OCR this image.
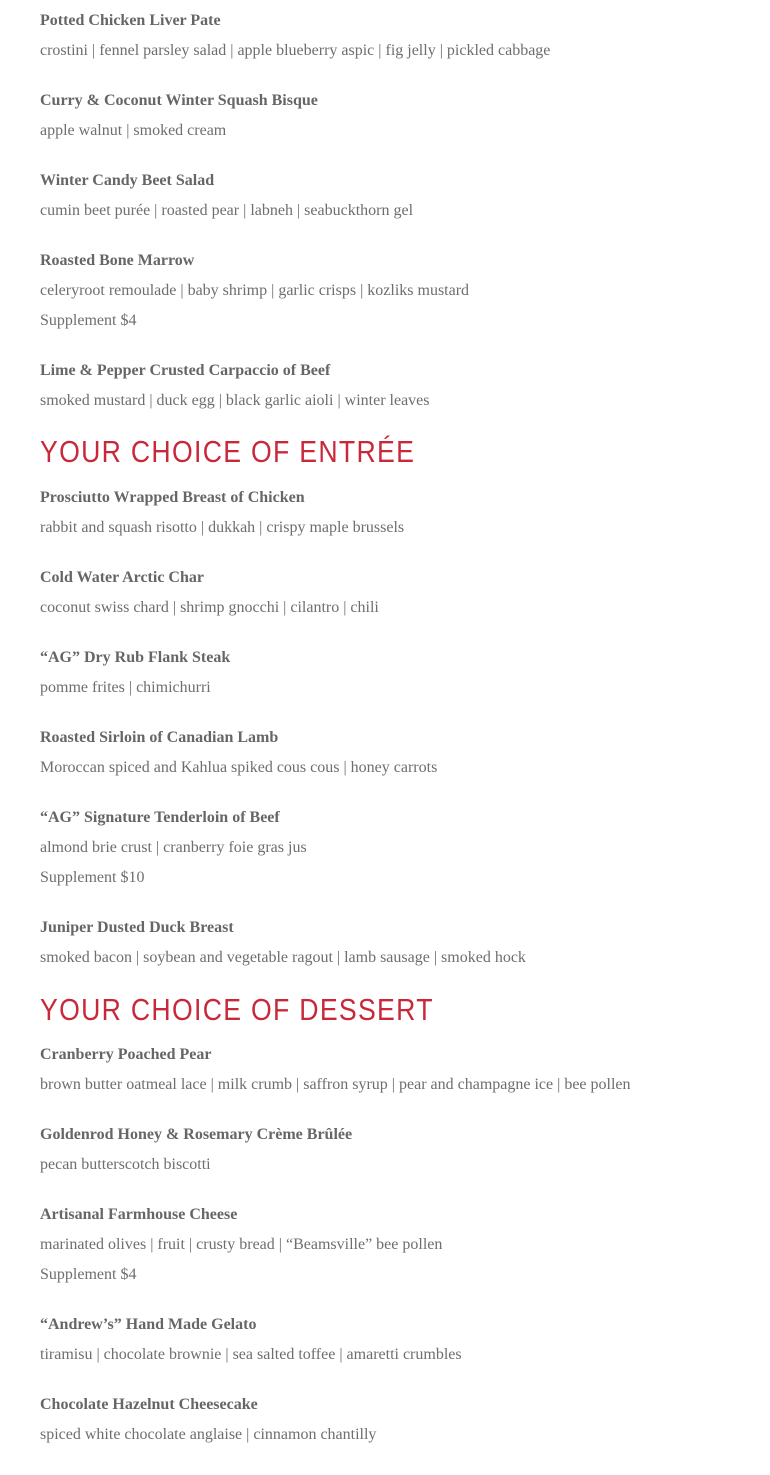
Potted Chicken Liver Pate
crostini | fennel parsley salad | apple blueberry aspic | fig jelly | pickled cabbage
Curry & Coconut Winter Squash Bisque
apple walnut | smoked cream
Winter Candy Beet Salad
cumin beet purée | roasted pear | labneh | seabuckthorn gel
Roasted Bone Marrow
celeryroot remoulade | baby shrimp | garlic crisps | kozliks mustard
Supplement $4
Lime & Pepper Crusted Carpaccio of Beef
smoked mustard | duck egg | black garlic aioli | winter leaves
YOUR CHOICE OF ENTRÉE
Prosciutto Wrapped Breast of Chicken
rabbit and squash risotto | dukkah | crispy maple brussels
Cold Water Arctic Char
coconut swiss chard | shrimp gnocchi | cilantro | chili
“AG” Dry Rub Flank Steak
pomme frites | chimichurri
Roasted Sirloin of Canadian Lamb
Moroccan spiced and Kahlua spiked cous cous | honey carrots
“AG” Signature Tenderloin of Beef
almond brie crust | cranberry foie gras jus
Supplement $10
Juniper Dusted Duck Breast
smoked bacon | soybean and vegetable ragout | lamb sausage | smoked hock
YOUR CHOICE OF DESSERT
Cranberry Poached Pear
brown butter oatmeal lace | milk crumb | saffron syrup | pear and champagne ice | bee pollen
Goldenrod Honey & Rosemary Crème Brûlée
pecan butterscotch biscotti
Artisanal Farmhouse Cheese
marinated olives | fruit | crusty bread | “Beamsville” bee pollen
Supplement $4
“Andrew’s” Hand Made Gelato
tiramisu | chocolate brownie | sea salted toffee | amaretti crumbles
Chocolate Hazelnut Cheesecake
spiced white chocolate anglaise | cinnamon chantilly
